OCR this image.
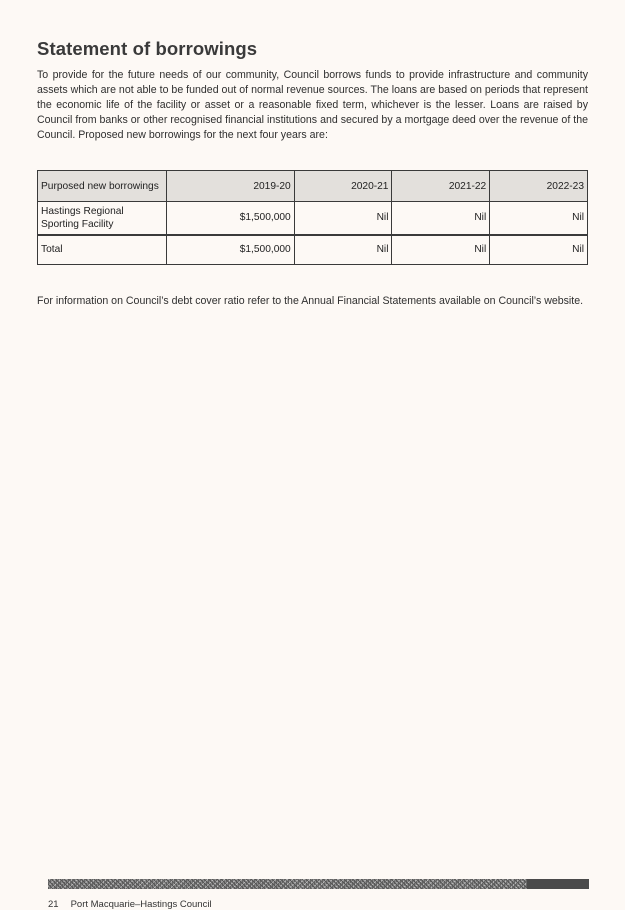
Statement of borrowings

To provide for the future needs of our community, Council borrows funds to provide infrastructure and community assets which are not able to be funded out of normal revenue sources. The loans are based on periods that represent the economic life of the facility or asset or a reasonable fixed term, whichever is the lesser. Loans are raised by Council from banks or other recognised financial institutions and secured by a mortgage deed over the revenue of the Council. Proposed new borrowings for the next four years are:

Purposed new borrowings	2019-20	2020-21	2021-22	2022-23
Hastings Regional Sporting Facility	$1,500,000	Nil	Nil	Nil
Total	$1,500,000	Nil	Nil	Nil

For information on Council’s debt cover ratio refer to the Annual Financial Statements available on Council’s website.

21 Port Macquarie–Hastings Council
